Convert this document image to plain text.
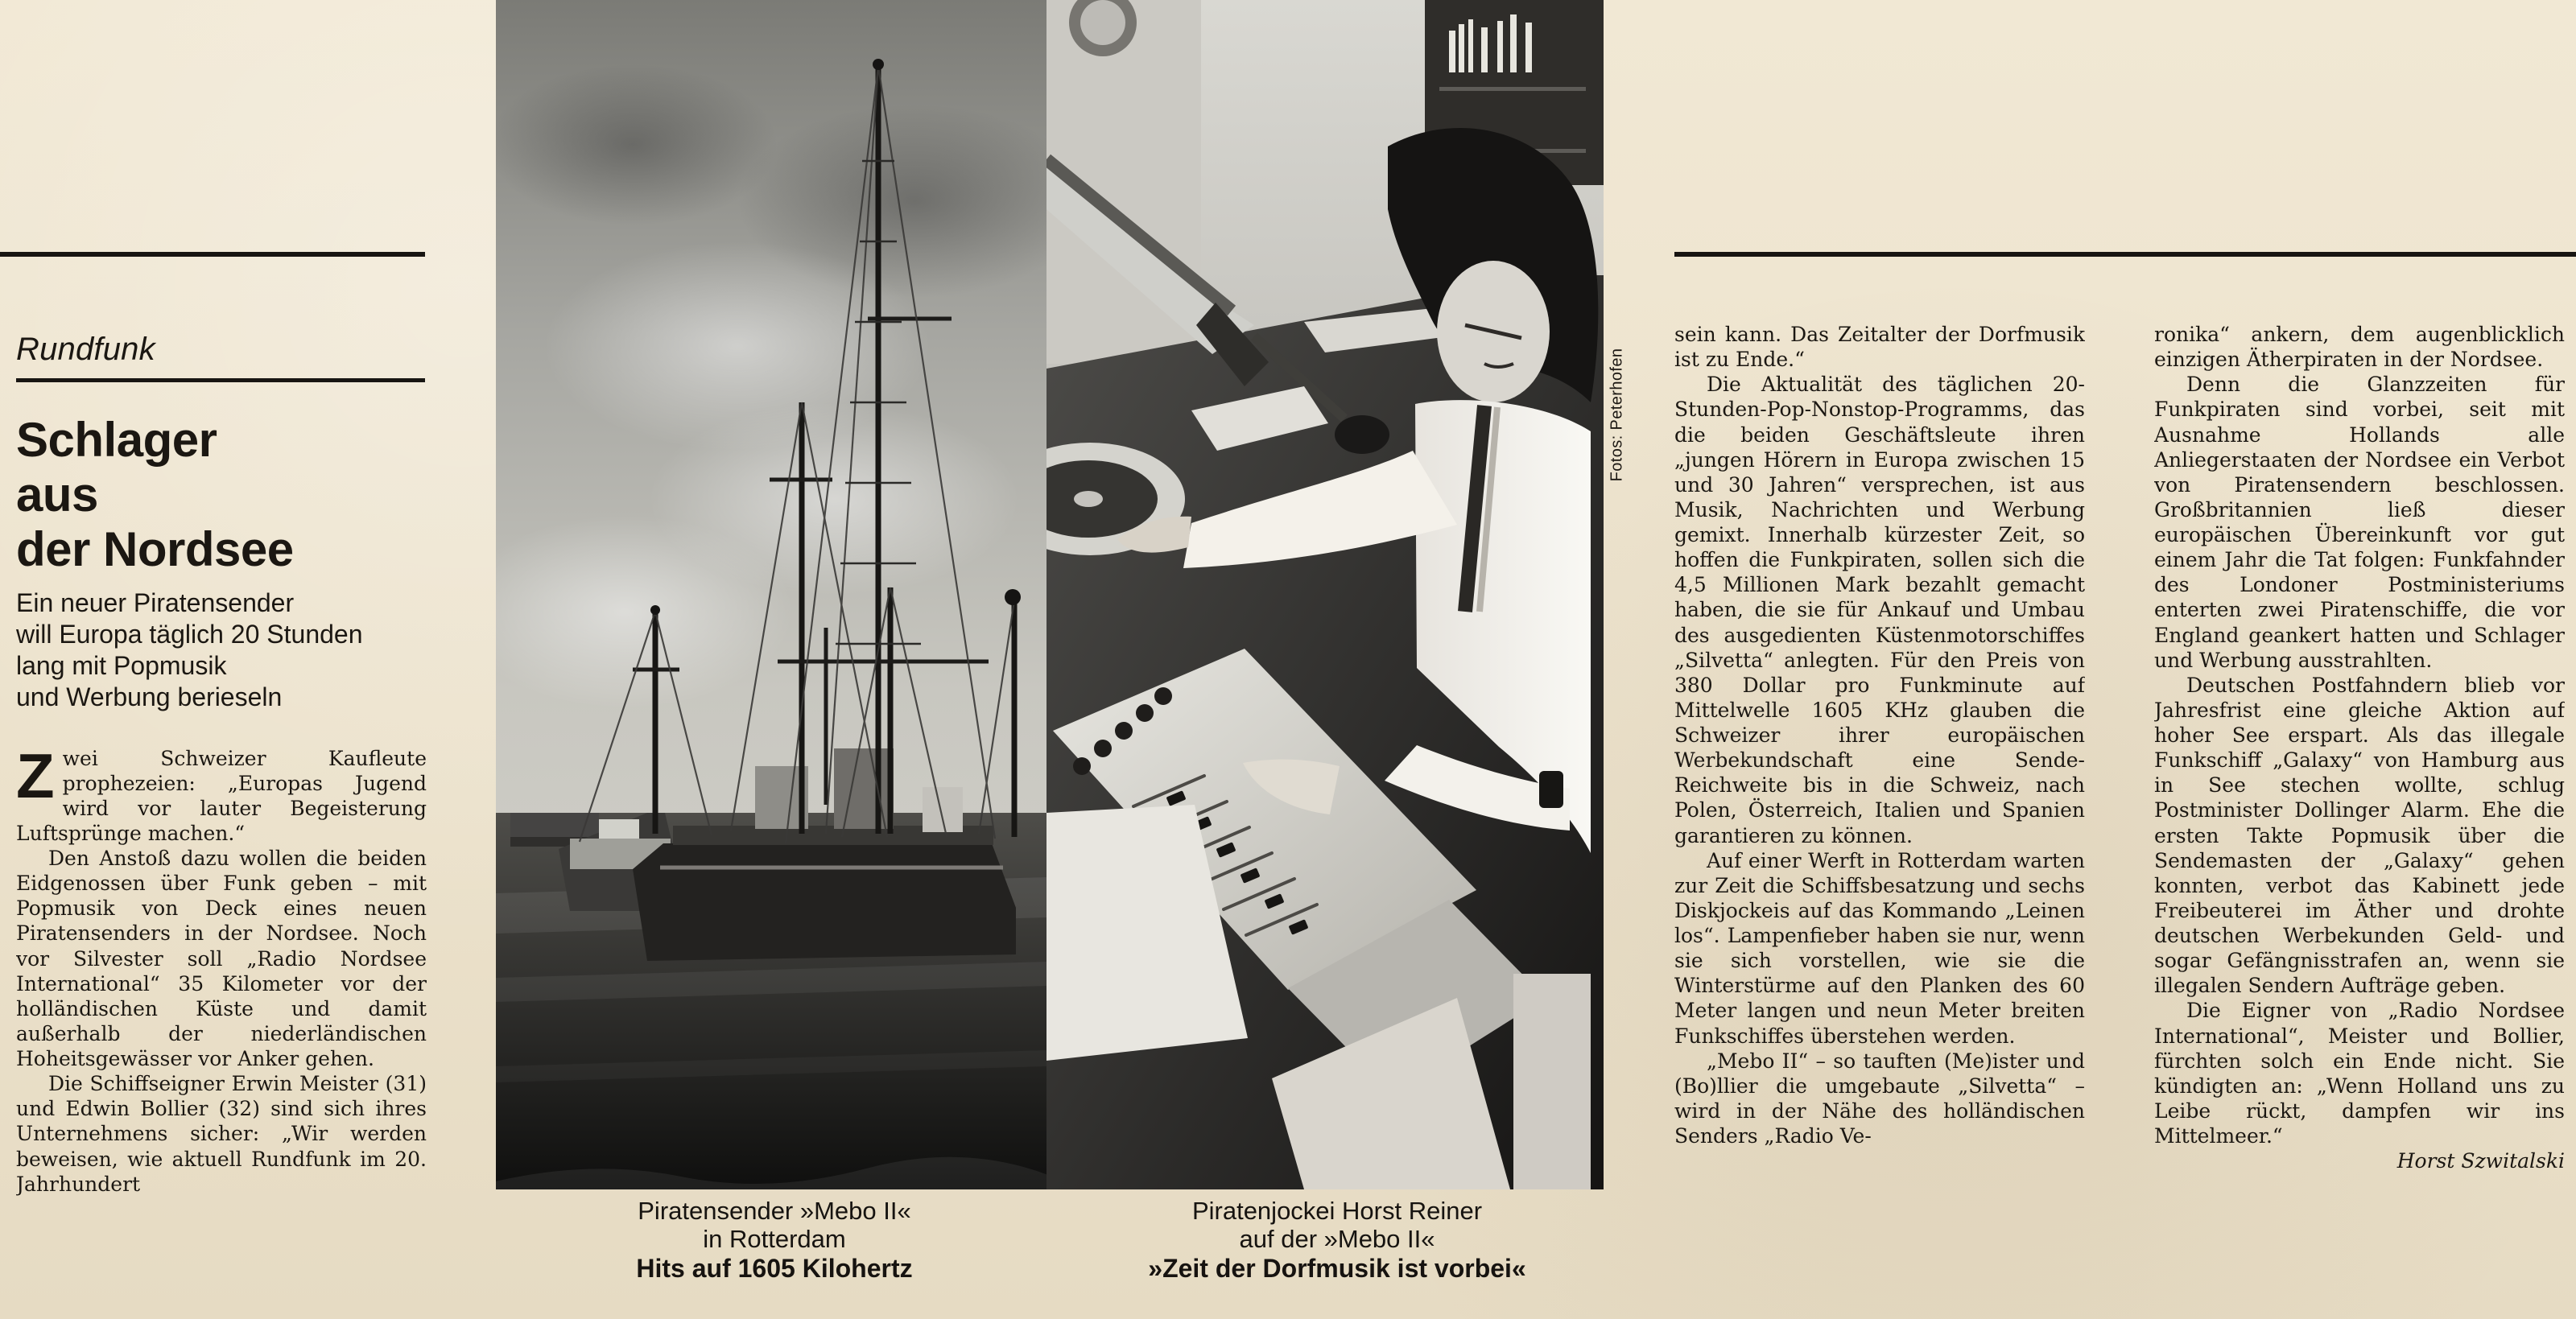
Rundfunk
Schlager
aus
der Nordsee
Ein neuer Piratensender
will Europa täglich 20 Stunden
lang mit Popmusik
und Werbung berieseln

Z wei Schweizer Kaufleute prophezeien: „Europas Jugend wird vor lauter Begeisterung Luftsprünge machen.“

Den Anstoß dazu wollen die beiden Eidgenossen über Funk geben – mit Popmusik von Deck eines neuen Piratensenders in der Nordsee. Noch vor Silvester soll „Radio Nordsee International“ 35 Kilometer vor der holländischen Küste und damit außerhalb der niederländischen Hoheitsgewässer vor Anker gehen.

Die Schiffseigner Erwin Meister (31) und Edwin Bollier (32) sind sich ihres Unternehmens sicher: „Wir werden beweisen, wie aktuell Rundfunk im 20. Jahrhundert

Fotos: Peterhofen

sein kann. Das Zeitalter der Dorfmusik ist zu Ende.“

Die Aktualität des täglichen 20-Stunden-Pop-Nonstop-Programms, das die beiden Geschäftsleute ihren „jungen Hörern in Europa zwischen 15 und 30 Jahren“ versprechen, ist aus Musik, Nachrichten und Werbung gemixt. Innerhalb kürzester Zeit, so hoffen die Funkpiraten, sollen sich die 4,5 Millionen Mark bezahlt gemacht haben, die sie für Ankauf und Umbau des ausgedienten Küstenmotorschiffes „Silvetta“ anlegten. Für den Preis von 380 Dollar pro Funkminute auf Mittelwelle 1605 KHz glauben die Schweizer ihrer europäischen Werbekundschaft eine Sende-Reichweite bis in die Schweiz, nach Polen, Österreich, Italien und Spanien garantieren zu können.

Auf einer Werft in Rotterdam warten zur Zeit die Schiffsbesatzung und sechs Diskjockeis auf das Kommando „Leinen los“. Lampenfieber haben sie nur, wenn sie sich vorstellen, wie sie die Winterstürme auf den Planken des 60 Meter langen und neun Meter breiten Funkschiffes überstehen werden.

„Mebo II“ – so tauften (Me)ister und (Bo)llier die umgebaute „Silvetta“ – wird in der Nähe des holländischen Senders „Radio Ve-

ronika“ ankern, dem augenblicklich einzigen Ätherpiraten in der Nordsee.

Denn die Glanzzeiten für Funkpiraten sind vorbei, seit mit Ausnahme Hollands alle Anliegerstaaten der Nordsee ein Verbot von Piratensendern beschlossen. Großbritannien ließ dieser europäischen Übereinkunft vor gut einem Jahr die Tat folgen: Funkfahnder des Londoner Postministeriums enterten zwei Piratenschiffe, die vor England geankert hatten und Schlager und Werbung ausstrahlten.

Deutschen Postfahndern blieb vor Jahresfrist eine gleiche Aktion auf hoher See erspart. Als das illegale Funkschiff „Galaxy“ von Hamburg aus in See stechen wollte, schlug Postminister Dollinger Alarm. Ehe die ersten Takte Popmusik über die Sendemasten der „Galaxy“ gehen konnten, verbot das Kabinett jede Freibeuterei im Äther und drohte deutschen Werbekunden Geld- und sogar Gefängnisstrafen an, wenn sie illegalen Sendern Aufträge geben.

Die Eigner von „Radio Nordsee International“, Meister und Bollier, fürchten solch ein Ende nicht. Sie kündigten an: „Wenn Holland uns zu Leibe rückt, dampfen wir ins Mittelmeer.“

Horst Szwitalski
Piratensender »Mebo II«
in Rotterdam
Hits auf 1605 Kilohertz
Piratenjockei Horst Reiner
auf der »Mebo II«
»Zeit der Dorfmusik ist vorbei«
